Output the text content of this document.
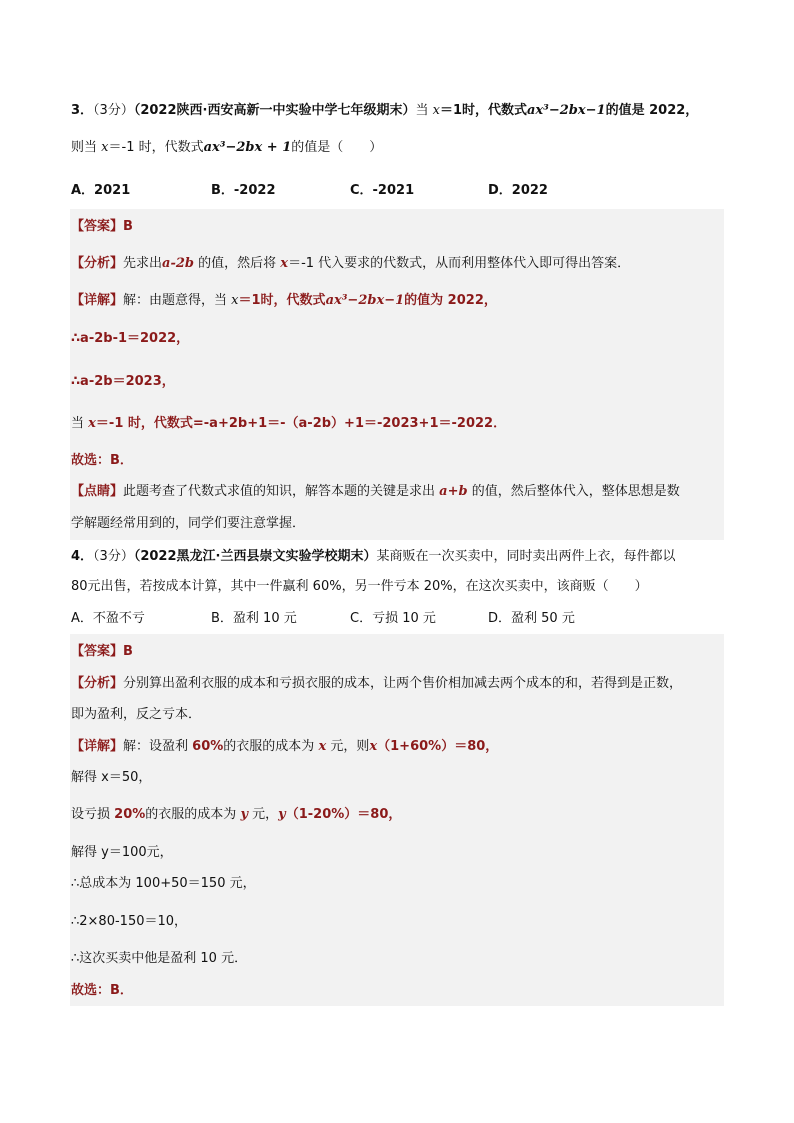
3．（3分）（2022陕西·西安高新一中实验中学七年级期末）当 x＝1时，代数式ax³−2bx−1的值是 2022，
则当 x＝-1 时，代数式ax³−2bx + 1的值是（　　）
A．2021	B．-2022	C．-2021	D．2022
【答案】B
【分析】先求出a-2b 的值，然后将 x＝-1 代入要求的代数式，从而利用整体代入即可得出答案．
【详解】解：由题意得，当 x＝1时，代数式ax³−2bx−1的值为 2022，
∴a-2b-1＝2022，
∴a-2b＝2023，
当 x＝-1 时，代数式=-a+2b+1＝-（a-2b）+1＝-2023+1＝-2022．
故选：B．
【点睛】此题考查了代数式求值的知识，解答本题的关键是求出 a+b 的值，然后整体代入，整体思想是数
学解题经常用到的，同学们要注意掌握．
4．（3分）（2022黑龙江·兰西县崇文实验学校期末）某商贩在一次买卖中，同时卖出两件上衣，每件都以
80元出售，若按成本计算，其中一件赢利 60%，另一件亏本 20%，在这次买卖中，该商贩（　　）
A．不盈不亏	B．盈利 10 元	C．亏损 10 元	D．盈利 50 元
【答案】B
【分析】分别算出盈利衣服的成本和亏损衣服的成本，让两个售价相加减去两个成本的和，若得到是正数，
即为盈利，反之亏本．
【详解】解：设盈利 60%的衣服的成本为 x 元，则x（1+60%）＝80，
解得 x＝50，
设亏损 20%的衣服的成本为 y 元，y（1-20%）＝80，
解得 y＝100元，
∴总成本为 100+50＝150 元，
∴2×80-150＝10，
∴这次买卖中他是盈利 10 元．
故选：B．
